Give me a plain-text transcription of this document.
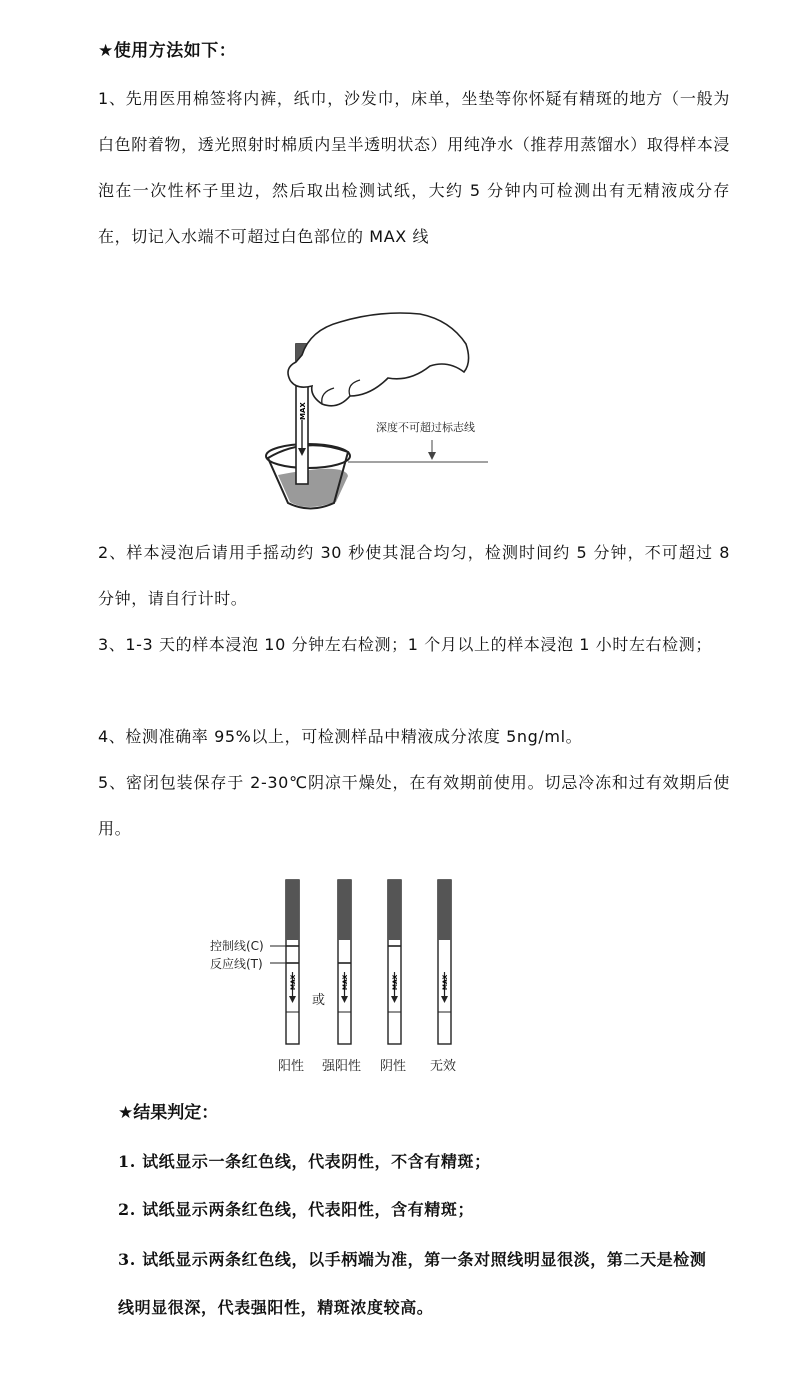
★使用方法如下：
1、先用医用棉签将内裤，纸巾，沙发巾，床单，坐垫等你怀疑有精斑的地方（一般为白色附着物，透光照射时棉质内呈半透明状态）用纯净水（推荐用蒸馏水）取得样本浸泡在一次性杯子里边，然后取出检测试纸，大约 5 分钟内可检测出有无精液成分存在，切记入水端不可超过白色部位的 MAX 线
MAX
深度不可超过标志线
2、样本浸泡后请用手摇动约 30 秒使其混合均匀，检测时间约 5 分钟，不可超过 8 分钟，请自行计时。
3、1-3 天的样本浸泡 10 分钟左右检测；1 个月以上的样本浸泡 1 小时左右检测；
4、检测准确率 95%以上，可检测样品中精液成分浓度 5ng/ml。
5、密闭包装保存于 2-30℃阴凉干燥处，在有效期前使用。切忌冷冻和过有效期后使用。
控制线(C)
反应线(T)
或
MAX	MAX	MAX	MAX
阳性 强阳性 阴性 无效
★结果判定：
1. 试纸显示一条红色线，代表阴性，不含有精斑；
2. 试纸显示两条红色线，代表阳性，含有精斑；
3. 试纸显示两条红色线，以手柄端为准，第一条对照线明显很淡，第二天是检测线明显很深，代表强阳性，精斑浓度较高。
